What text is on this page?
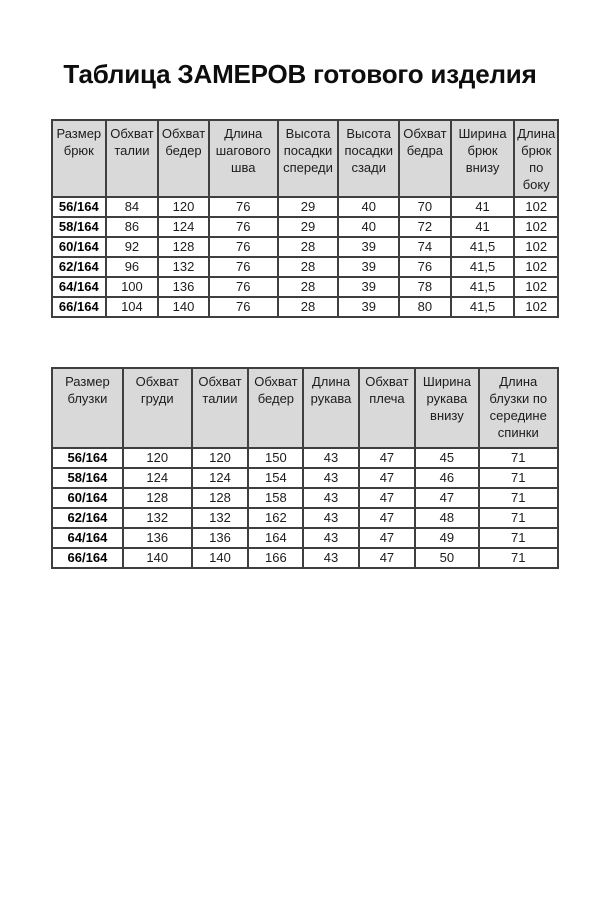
Таблица ЗАМЕРОВ готового изделия
Размер брюк	Обхват талии	Обхват бедер	Длина шагового шва	Высота посадки спереди	Высота посадки сзади	Обхват бедра	Ширина брюк внизу	Длина брюк по боку
56/164	84	120	76	29	40	70	41	102
58/164	86	124	76	29	40	72	41	102
60/164	92	128	76	28	39	74	41,5	102
62/164	96	132	76	28	39	76	41,5	102
64/164	100	136	76	28	39	78	41,5	102
66/164	104	140	76	28	39	80	41,5	102
Размер блузки	Обхват груди	Обхват талии	Обхват бедер	Длина рукава	Обхват плеча	Ширина рукава внизу	Длина блузки по середине спинки
56/164	120	120	150	43	47	45	71
58/164	124	124	154	43	47	46	71
60/164	128	128	158	43	47	47	71
62/164	132	132	162	43	47	48	71
64/164	136	136	164	43	47	49	71
66/164	140	140	166	43	47	50	71
